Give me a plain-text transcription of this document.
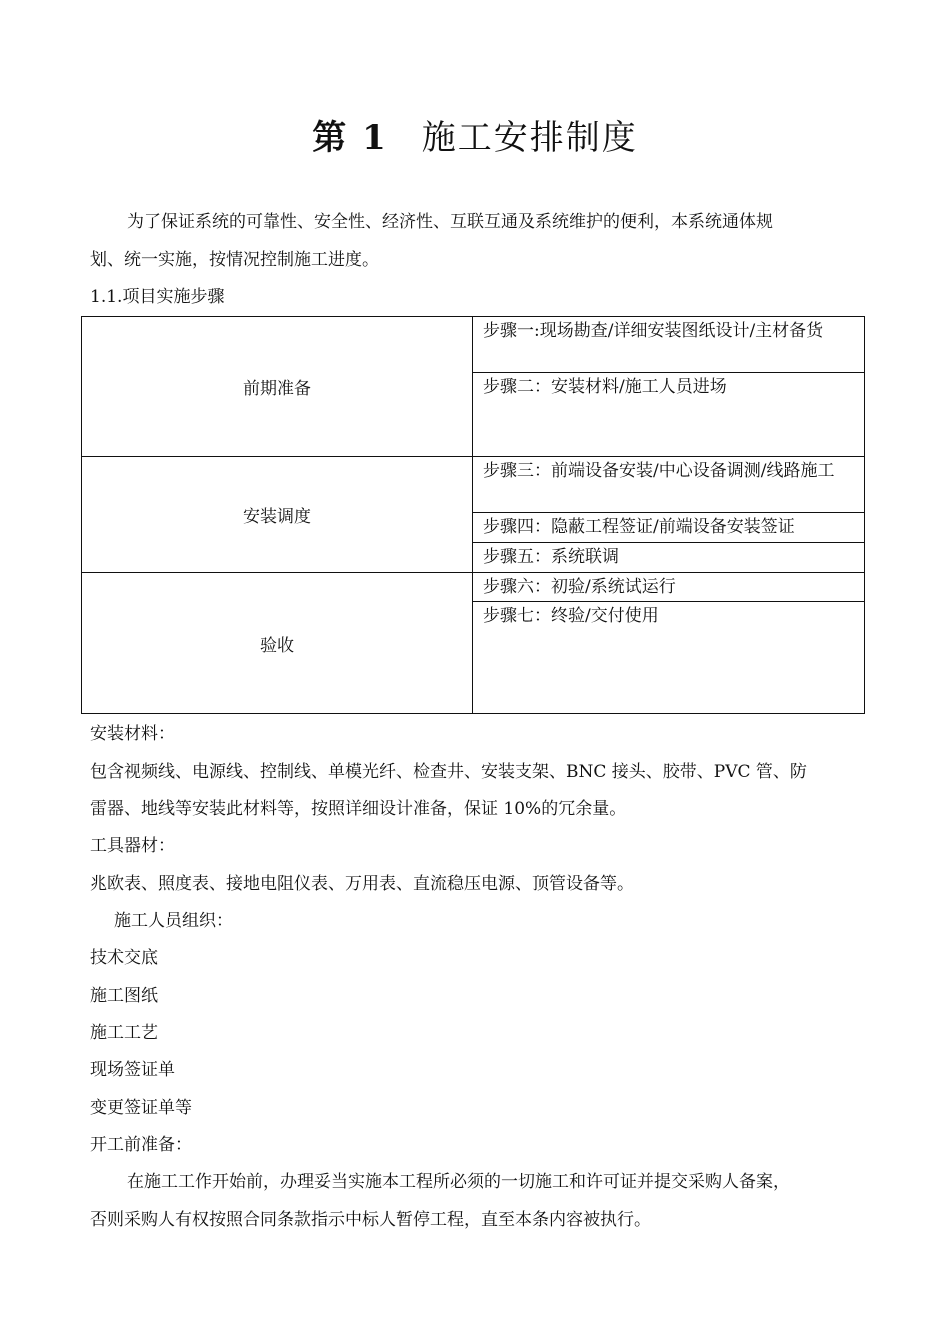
第 1 施工安排制度
为了保证系统的可靠性、安全性、经济性、互联互通及系统维护的便利，本系统通体规
划、统一实施，按情况控制施工进度。
1.1.项目实施步骤
前期准备	步骤一:现场勘查/详细安装图纸设计/主材备货
	步骤二：安装材料/施工人员进场
安装调度	步骤三：前端设备安装/中心设备调测/线路施工
	步骤四：隐蔽工程签证/前端设备安装签证
	步骤五：系统联调
验收	步骤六：初验/系统试运行
	步骤七：终验/交付使用
安装材料：
包含视频线、电源线、控制线、单模光纤、检查井、安装支架、BNC 接头、胶带、PVC 管、防
雷器、地线等安装此材料等，按照详细设计准备，保证 10%的冗余量。
工具器材：
兆欧表、照度表、接地电阻仪表、万用表、直流稳压电源、顶管设备等。
施工人员组织：
技术交底
施工图纸
施工工艺
现场签证单
变更签证单等
开工前准备：
在施工工作开始前，办理妥当实施本工程所必须的一切施工和许可证并提交采购人备案，
否则采购人有权按照合同条款指示中标人暂停工程，直至本条内容被执行。
